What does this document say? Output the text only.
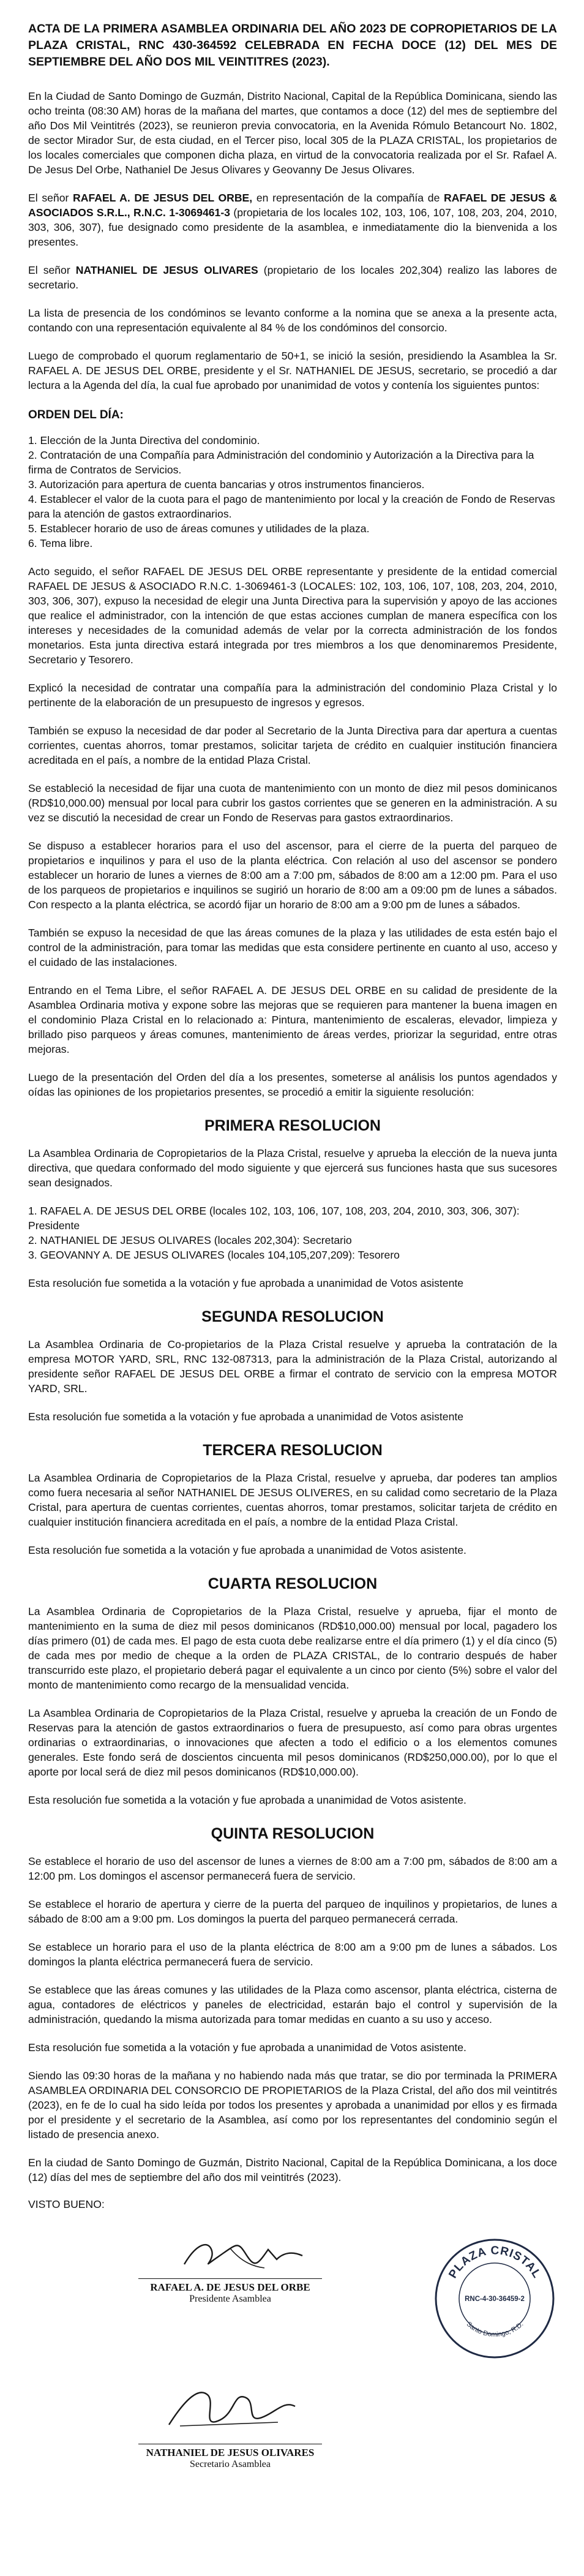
ACTA DE LA PRIMERA ASAMBLEA ORDINARIA DEL AÑO 2023 DE COPROPIETARIOS DE LA PLAZA CRISTAL, RNC 430-364592 CELEBRADA EN FECHA DOCE (12) DEL MES DE SEPTIEMBRE DEL AÑO DOS MIL VEINTITRES (2023).

En la Ciudad de Santo Domingo de Guzmán, Distrito Nacional, Capital de la República Dominicana, siendo las ocho treinta (08:30 AM) horas de la mañana del martes, que contamos a doce (12) del mes de septiembre del año Dos Mil Veintitrés (2023), se reunieron previa convocatoria, en la Avenida Rómulo Betancourt No. 1802, de sector Mirador Sur, de esta ciudad, en el Tercer piso, local 305 de la PLAZA CRISTAL, los propietarios de los locales comerciales que componen dicha plaza, en virtud de la convocatoria realizada por el Sr. Rafael A. De Jesus Del Orbe, Nathaniel De Jesus Olivares y Geovanny De Jesus Olivares.

El señor RAFAEL A. DE JESUS DEL ORBE, en representación de la compañía de RAFAEL DE JESUS & ASOCIADOS S.R.L., R.N.C. 1-3069461-3 (propietaria de los locales 102, 103, 106, 107, 108, 203, 204, 2010, 303, 306, 307), fue designado como presidente de la asamblea, e inmediatamente dio la bienvenida a los presentes.

El señor NATHANIEL DE JESUS OLIVARES (propietario de los locales 202,304) realizo las labores de secretario.

La lista de presencia de los condóminos se levanto conforme a la nomina que se anexa a la presente acta, contando con una representación equivalente al 84 % de los condóminos del consorcio.

Luego de comprobado el quorum reglamentario de 50+1, se inició la sesión, presidiendo la Asamblea la Sr. RAFAEL A. DE JESUS DEL ORBE, presidente y el Sr. NATHANIEL DE JESUS, secretario, se procedió a dar lectura a la Agenda del día, la cual fue aprobado por unanimidad de votos y contenía los siguientes puntos:

ORDEN DEL DÍA:
1. Elección de la Junta Directiva del condominio.
2. Contratación de una Compañía para Administración del condominio y Autorización a la Directiva para la firma de Contratos de Servicios.
3. Autorización para apertura de cuenta bancarias y otros instrumentos financieros.
4. Establecer el valor de la cuota para el pago de mantenimiento por local y la creación de Fondo de Reservas para la atención de gastos extraordinarios.
5. Establecer horario de uso de áreas comunes y utilidades de la plaza.
6. Tema libre.

Acto seguido, el señor RAFAEL DE JESUS DEL ORBE representante y presidente de la entidad comercial RAFAEL DE JESUS & ASOCIADO R.N.C. 1-3069461-3 (LOCALES: 102, 103, 106, 107, 108, 203, 204, 2010, 303, 306, 307), expuso la necesidad de elegir una Junta Directiva para la supervisión y apoyo de las acciones que realice el administrador, con la intención de que estas acciones cumplan de manera específica con los intereses y necesidades de la comunidad además de velar por la correcta administración de los fondos monetarios. Esta junta directiva estará integrada por tres miembros a los que denominaremos Presidente, Secretario y Tesorero.

Explicó la necesidad de contratar una compañía para la administración del condominio Plaza Cristal y lo pertinente de la elaboración de un presupuesto de ingresos y egresos.

También se expuso la necesidad de dar poder al Secretario de la Junta Directiva para dar apertura a cuentas corrientes, cuentas ahorros, tomar prestamos, solicitar tarjeta de crédito en cualquier institución financiera acreditada en el país, a nombre de la entidad Plaza Cristal.

Se estableció la necesidad de fijar una cuota de mantenimiento con un monto de diez mil pesos dominicanos (RD$10,000.00) mensual por local para cubrir los gastos corrientes que se generen en la administración. A su vez se discutió la necesidad de crear un Fondo de Reservas para gastos extraordinarios.

Se dispuso a establecer horarios para el uso del ascensor, para el cierre de la puerta del parqueo de propietarios e inquilinos y para el uso de la planta eléctrica. Con relación al uso del ascensor se pondero establecer un horario de lunes a viernes de 8:00 am a 7:00 pm, sábados de 8:00 am a 12:00 pm. Para el uso de los parqueos de propietarios e inquilinos se sugirió un horario de 8:00 am a 09:00 pm de lunes a sábados. Con respecto a la planta eléctrica, se acordó fijar un horario de 8:00 am a 9:00 pm de lunes a sábados.

También se expuso la necesidad de que las áreas comunes de la plaza y las utilidades de esta estén bajo el control de la administración, para tomar las medidas que esta considere pertinente en cuanto al uso, acceso y el cuidado de las instalaciones.

Entrando en el Tema Libre, el señor RAFAEL A. DE JESUS DEL ORBE en su calidad de presidente de la Asamblea Ordinaria motiva y expone sobre las mejoras que se requieren para mantener la buena imagen en el condominio Plaza Cristal en lo relacionado a: Pintura, mantenimiento de escaleras, elevador, limpieza y brillado piso parqueos y áreas comunes, mantenimiento de áreas verdes, priorizar la seguridad, entre otras mejoras.

Luego de la presentación del Orden del día a los presentes, someterse al análisis los puntos agendados y oídas las opiniones de los propietarios presentes, se procedió a emitir la siguiente resolución:

PRIMERA RESOLUCION

La Asamblea Ordinaria de Copropietarios de la Plaza Cristal, resuelve y aprueba la elección de la nueva junta directiva, que quedara conformado del modo siguiente y que ejercerá sus funciones hasta que sus sucesores sean designados.

1. RAFAEL A. DE JESUS DEL ORBE (locales 102, 103, 106, 107, 108, 203, 204, 2010, 303, 306, 307): Presidente
2. NATHANIEL DE JESUS OLIVARES (locales 202,304): Secretario
3. GEOVANNY A. DE JESUS OLIVARES (locales 104,105,207,209): Tesorero

Esta resolución fue sometida a la votación y fue aprobada a unanimidad de Votos asistente

SEGUNDA RESOLUCION

La Asamblea Ordinaria de Co-propietarios de la Plaza Cristal resuelve y aprueba la contratación de la empresa MOTOR YARD, SRL, RNC 132-087313, para la administración de la Plaza Cristal, autorizando al presidente señor RAFAEL DE JESUS DEL ORBE a firmar el contrato de servicio con la empresa MOTOR YARD, SRL.

Esta resolución fue sometida a la votación y fue aprobada a unanimidad de Votos asistente

TERCERA RESOLUCION

La Asamblea Ordinaria de Copropietarios de la Plaza Cristal, resuelve y aprueba, dar poderes tan amplios como fuera necesaria al señor NATHANIEL DE JESUS OLIVERES, en su calidad como secretario de la Plaza Cristal, para apertura de cuentas corrientes, cuentas ahorros, tomar prestamos, solicitar tarjeta de crédito en cualquier institución financiera acreditada en el país, a nombre de la entidad Plaza Cristal.

Esta resolución fue sometida a la votación y fue aprobada a unanimidad de Votos asistente.

CUARTA RESOLUCION

La Asamblea Ordinaria de Copropietarios de la Plaza Cristal, resuelve y aprueba, fijar el monto de mantenimiento en la suma de diez mil pesos dominicanos (RD$10,000.00) mensual por local, pagadero los días primero (01) de cada mes. El pago de esta cuota debe realizarse entre el día primero (1) y el día cinco (5) de cada mes por medio de cheque a la orden de PLAZA CRISTAL, de lo contrario después de haber transcurrido este plazo, el propietario deberá pagar el equivalente a un cinco por ciento (5%) sobre el valor del monto de mantenimiento como recargo de la mensualidad vencida.

La Asamblea Ordinaria de Copropietarios de la Plaza Cristal, resuelve y aprueba la creación de un Fondo de Reservas para la atención de gastos extraordinarios o fuera de presupuesto, así como para obras urgentes ordinarias o extraordinarias, o innovaciones que afecten a todo el edificio o a los elementos comunes generales. Este fondo será de doscientos cincuenta mil pesos dominicanos (RD$250,000.00), por lo que el aporte por local será de diez mil pesos dominicanos (RD$10,000.00).

Esta resolución fue sometida a la votación y fue aprobada a unanimidad de Votos asistente.

QUINTA RESOLUCION

Se establece el horario de uso del ascensor de lunes a viernes de 8:00 am a 7:00 pm, sábados de 8:00 am a 12:00 pm. Los domingos el ascensor permanecerá fuera de servicio.

Se establece el horario de apertura y cierre de la puerta del parqueo de inquilinos y propietarios, de lunes a sábado de 8:00 am a 9:00 pm. Los domingos la puerta del parqueo permanecerá cerrada.

Se establece un horario para el uso de la planta eléctrica de 8:00 am a 9:00 pm de lunes a sábados. Los domingos la planta eléctrica permanecerá fuera de servicio.

Se establece que las áreas comunes y las utilidades de la Plaza como ascensor, planta eléctrica, cisterna de agua, contadores de eléctricos y paneles de electricidad, estarán bajo el control y supervisión de la administración, quedando la misma autorizada para tomar medidas en cuanto a su uso y acceso.

Esta resolución fue sometida a la votación y fue aprobada a unanimidad de Votos asistente.

Siendo las 09:30 horas de la mañana y no habiendo nada más que tratar, se dio por terminada la PRIMERA ASAMBLEA ORDINARIA DEL CONSORCIO DE PROPIETARIOS de la Plaza Cristal, del año dos mil veintitrés (2023), en fe de lo cual ha sido leída por todos los presentes y aprobada a unanimidad por ellos y es firmada por el presidente y el secretario de la Asamblea, así como por los representantes del condominio según el listado de presencia anexo.

En la ciudad de Santo Domingo de Guzmán, Distrito Nacional, Capital de la República Dominicana, a los doce (12) días del mes de septiembre del año dos mil veintitrés (2023).

VISTO BUENO:
RAFAEL A. DE JESUS DEL ORBE
Presidente Asamblea
PLAZA CRISTAL
RNC-4-30-36459-2
Santo Domingo, R.D.
NATHANIEL DE JESUS OLIVARES
Secretario Asamblea
